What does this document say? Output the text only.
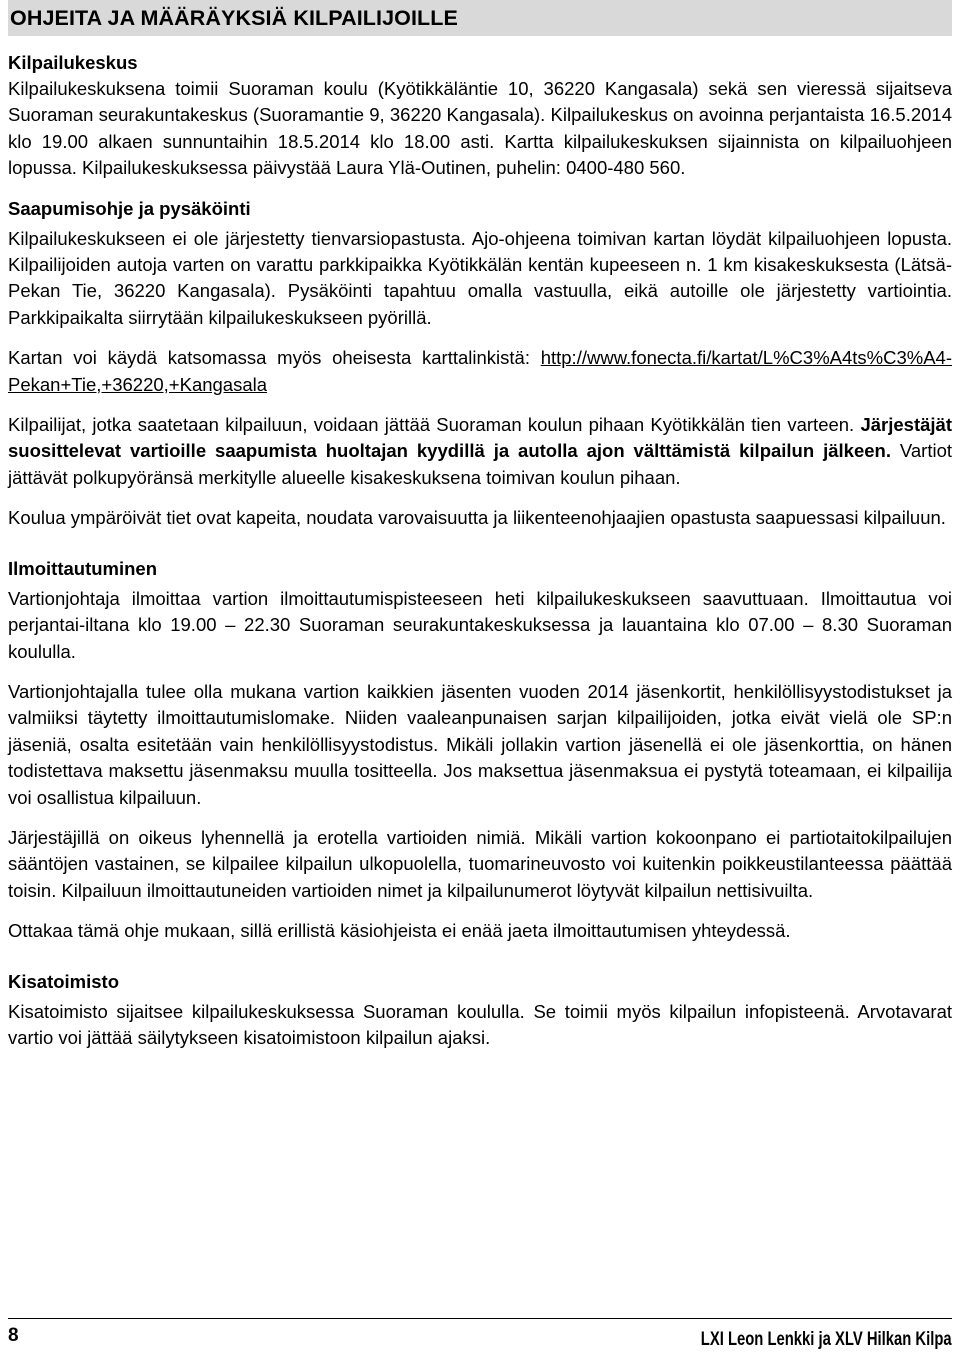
OHJEITA JA MÄÄRÄYKSIÄ KILPAILIJOILLE
Kilpailukeskus

Kilpailukeskuksena toimii Suoraman koulu (Kyötikkäläntie 10, 36220 Kangasala) sekä sen vieressä sijaitseva Suoraman seurakuntakeskus (Suoramantie 9, 36220 Kangasala). Kilpailukeskus on avoinna perjantaista 16.5.2014 klo 19.00 alkaen sunnuntaihin 18.5.2014 klo 18.00 asti. Kartta kilpailukeskuksen sijainnista on kilpailuohjeen lopussa. Kilpailukeskuksessa päivystää Laura Ylä-Outinen, puhelin: 0400-480 560.

Saapumisohje ja pysäköinti

Kilpailukeskukseen ei ole järjestetty tienvarsiopastusta. Ajo-ohjeena toimivan kartan löydät kilpailuohjeen lopusta. Kilpailijoiden autoja varten on varattu parkkipaikka Kyötikkälän kentän kupeeseen n. 1 km kisakeskuksesta (Lätsä-Pekan Tie, 36220 Kangasala). Pysäköinti tapahtuu omalla vastuulla, eikä autoille ole järjestetty vartiointia. Parkkipaikalta siirrytään kilpailukeskukseen pyörillä.

Kartan voi käydä katsomassa myös oheisesta karttalinkistä: http://www.fonecta.fi/kartat/L%C3%A4ts%C3%A4-Pekan+Tie,+36220,+Kangasala

Kilpailijat, jotka saatetaan kilpailuun, voidaan jättää Suoraman koulun pihaan Kyötikkälän tien varteen. Järjestäjät suosittelevat vartioille saapumista huoltajan kyydillä ja autolla ajon välttämistä kilpailun jälkeen. Vartiot jättävät polkupyöränsä merkitylle alueelle kisakeskuksena toimivan koulun pihaan.

Koulua ympäröivät tiet ovat kapeita, noudata varovaisuutta ja liikenteenohjaajien opastusta saapuessasi kilpailuun.

Ilmoittautuminen

Vartionjohtaja ilmoittaa vartion ilmoittautumispisteeseen heti kilpailukeskukseen saavuttuaan. Ilmoittautua voi perjantai-iltana klo 19.00 – 22.30 Suoraman seurakuntakeskuksessa ja lauantaina klo 07.00 – 8.30 Suoraman koululla.

Vartionjohtajalla tulee olla mukana vartion kaikkien jäsenten vuoden 2014 jäsenkortit, henkilöllisyystodistukset ja valmiiksi täytetty ilmoittautumislomake. Niiden vaaleanpunaisen sarjan kilpailijoiden, jotka eivät vielä ole SP:n jäseniä, osalta esitetään vain henkilöllisyystodistus. Mikäli jollakin vartion jäsenellä ei ole jäsenkorttia, on hänen todistettava maksettu jäsenmaksu muulla tositteella. Jos maksettua jäsenmaksua ei pystytä toteamaan, ei kilpailija voi osallistua kilpailuun.

Järjestäjillä on oikeus lyhennellä ja erotella vartioiden nimiä. Mikäli vartion kokoonpano ei partiotaitokilpailujen sääntöjen vastainen, se kilpailee kilpailun ulkopuolella, tuomarineuvosto voi kuitenkin poikkeustilanteessa päättää toisin. Kilpailuun ilmoittautuneiden vartioiden nimet ja kilpailunumerot löytyvät kilpailun nettisivuilta.

Ottakaa tämä ohje mukaan, sillä erillistä käsiohjeista ei enää jaeta ilmoittautumisen yhteydessä.

Kisatoimisto

Kisatoimisto sijaitsee kilpailukeskuksessa Suoraman koululla. Se toimii myös kilpailun infopisteenä. Arvotavarat vartio voi jättää säilytykseen kisatoimistoon kilpailun ajaksi.

8	LXI Leon Lenkki ja XLV Hilkan Kilpa
